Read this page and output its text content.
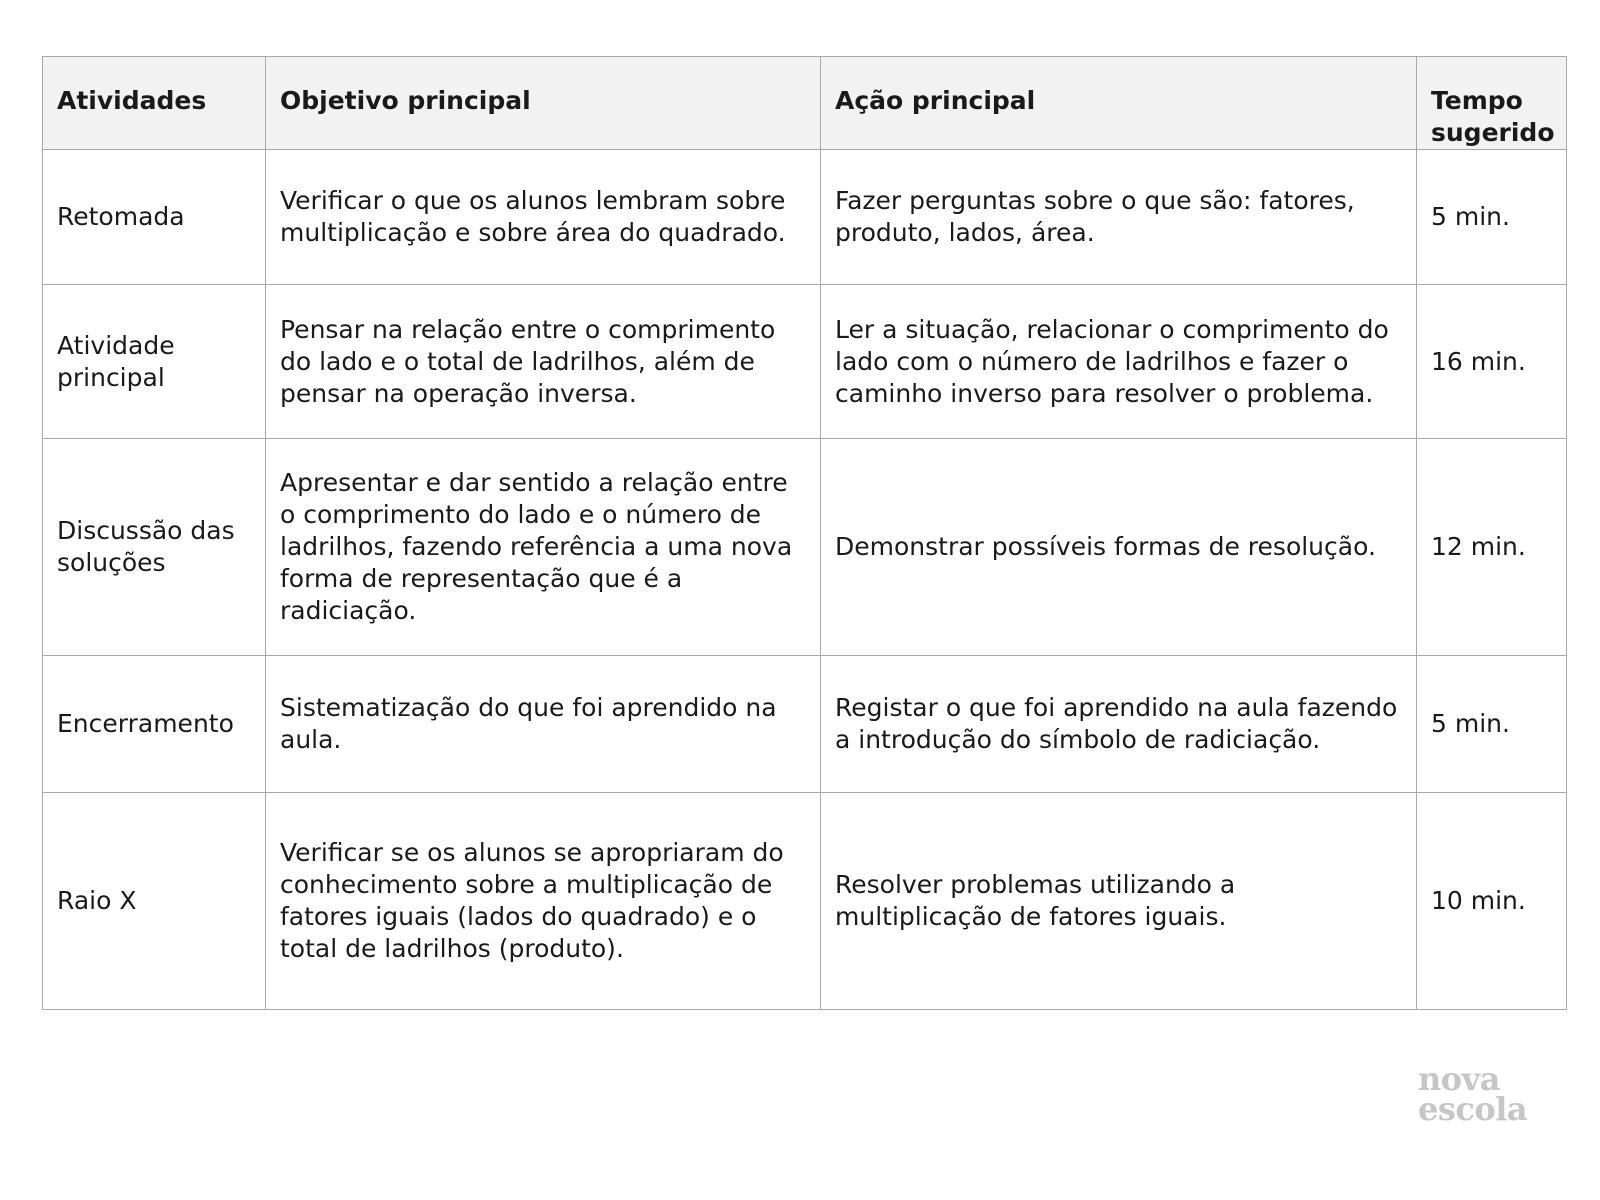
Atividades	Objetivo principal	Ação principal	Tempo sugerido
Retomada	Verificar o que os alunos lembram sobre multiplicação e sobre área do quadrado.	Fazer perguntas sobre o que são: fatores, produto, lados, área.	5 min.
Atividade principal	Pensar na relação entre o comprimento do lado e o total de ladrilhos, além de pensar na operação inversa.	Ler a situação, relacionar o comprimento do lado com o número de ladrilhos e fazer o caminho inverso para resolver o problema.	16 min.
Discussão das soluções	Apresentar e dar sentido a relação entre o comprimento do lado e o número de ladrilhos, fazendo referência a uma nova forma de representação que é a radiciação.	Demonstrar possíveis formas de resolução.	12 min.
Encerramento	Sistematização do que foi aprendido na aula.	Registar o que foi aprendido na aula fazendo a introdução do símbolo de radiciação.	5 min.
Raio X	Verificar se os alunos se apropriaram do conhecimento sobre a multiplicação de fatores iguais (lados do quadrado) e o total de ladrilhos (produto).	Resolver problemas utilizando a multiplicação de fatores iguais.	10 min.
nova
escola
